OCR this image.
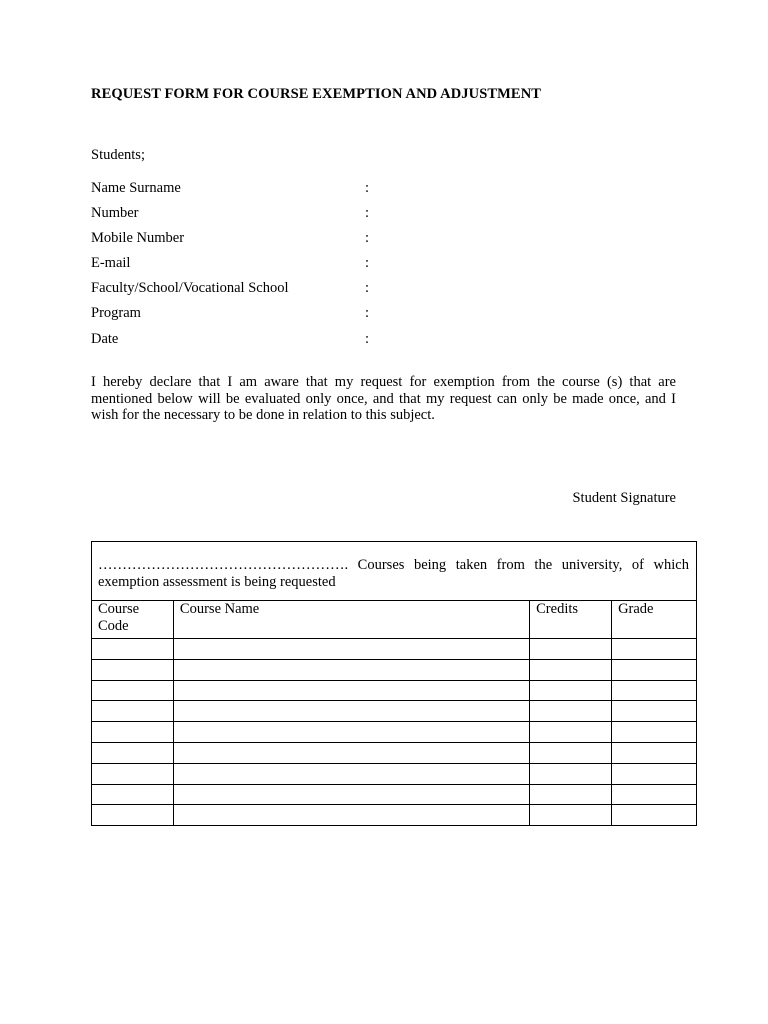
REQUEST FORM FOR COURSE EXEMPTION AND ADJUSTMENT
Students;
Name Surname	:
Number	:
Mobile Number	:
E-mail	:
Faculty/School/Vocational School	:
Program	:
Date	:
I hereby declare that I am aware that my request for exemption from the course (s) that are mentioned below will be evaluated only once, and that my request can only be made once, and I wish for the necessary to be done in relation to this subject.
Student Signature
……………………………………………. Courses being taken from the university, of which exemption assessment is being requested			
Course Code	Course Name	Credits	Grade
